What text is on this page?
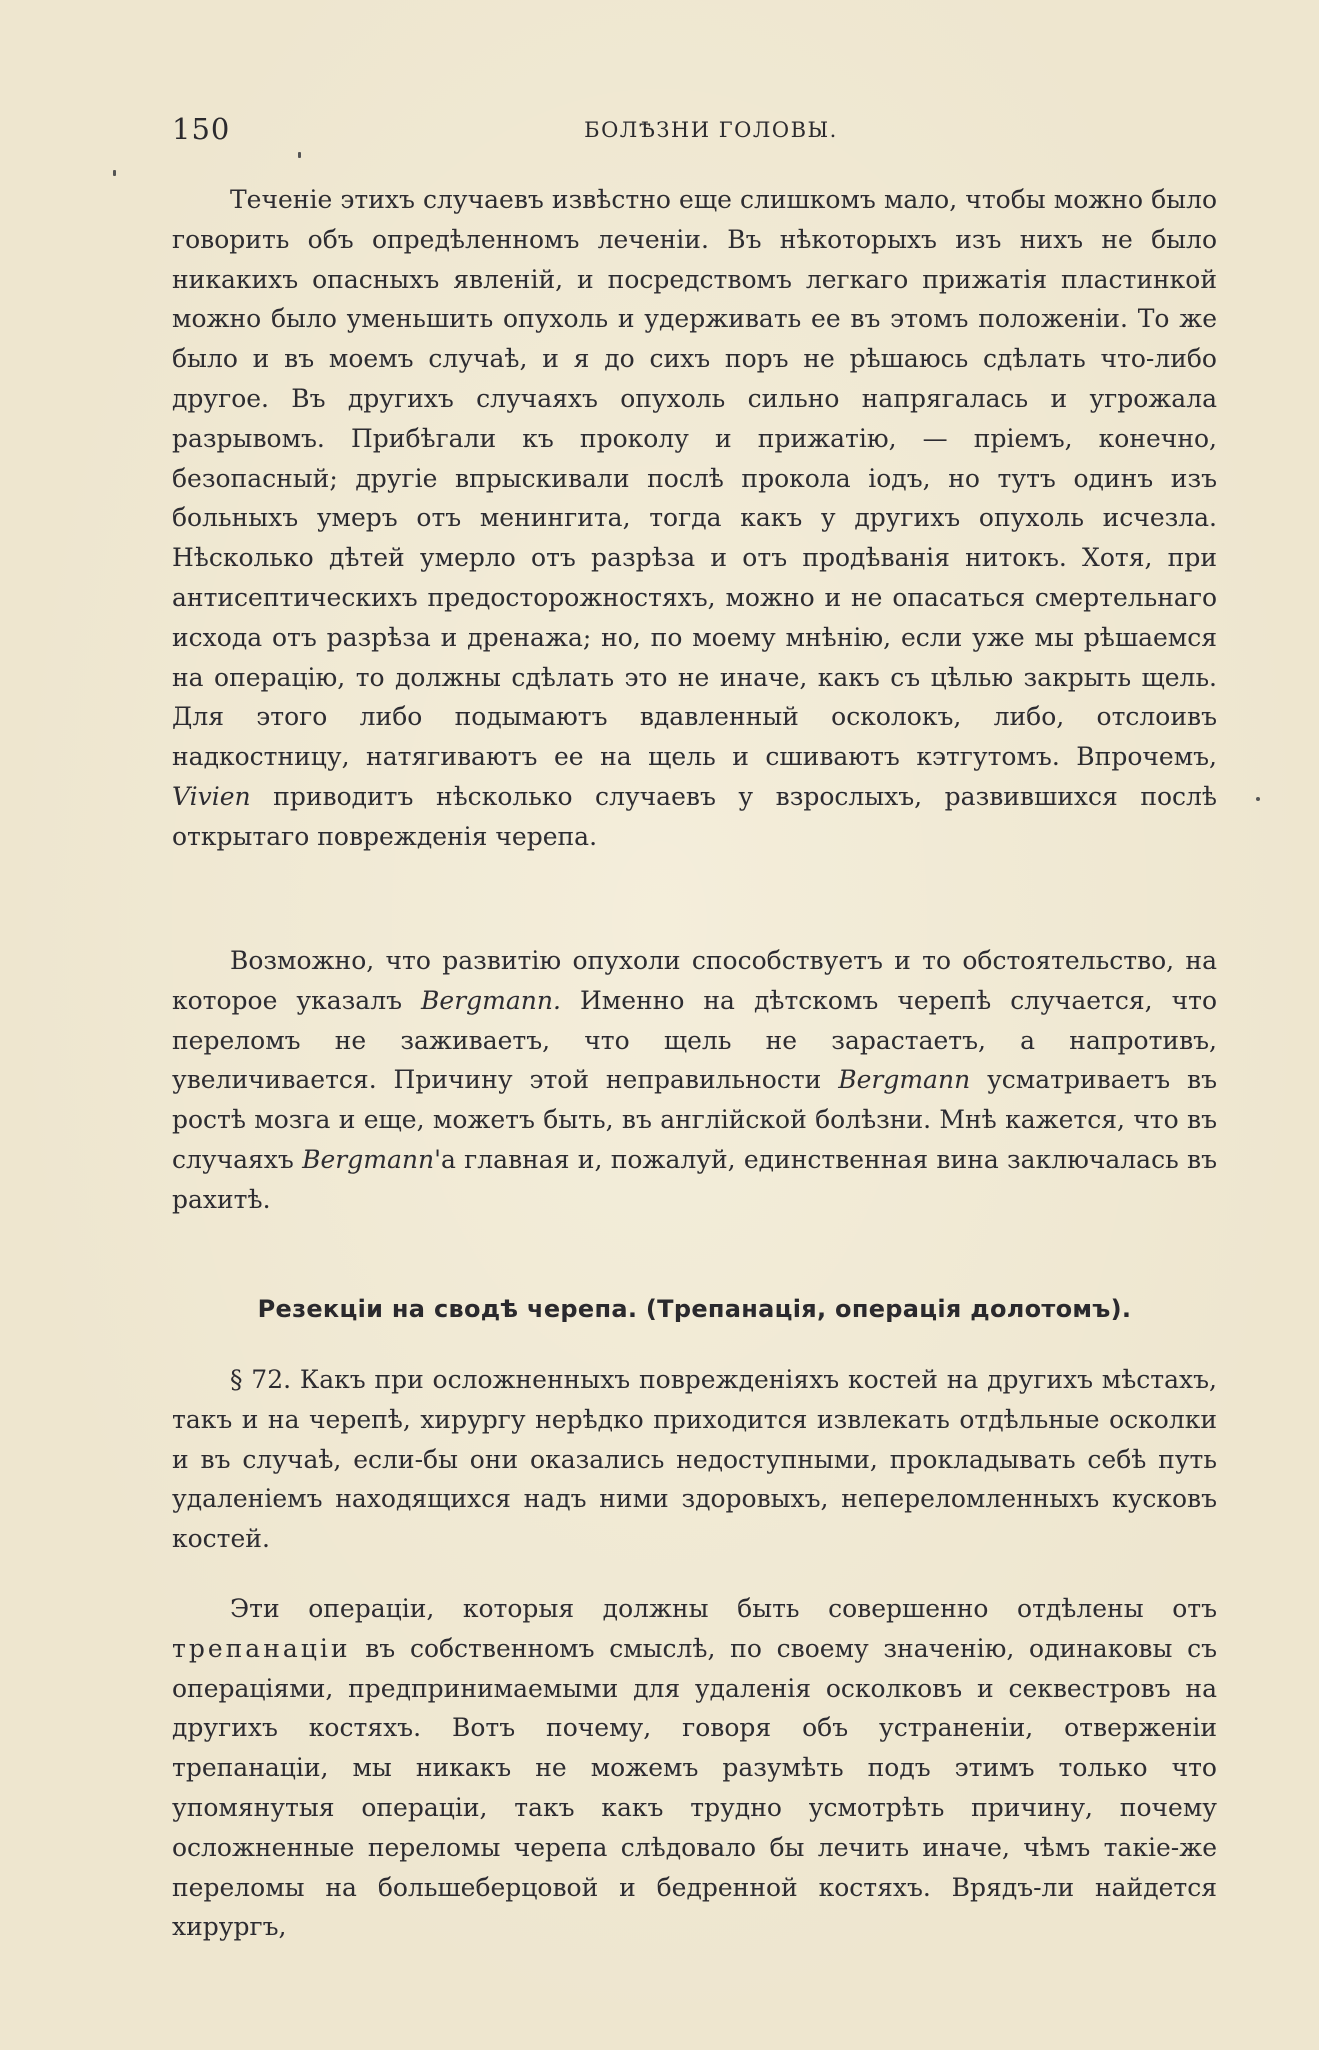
150	БОЛѢЗНИ ГОЛОВЫ.

Теченіе этихъ случаевъ извѣстно еще слишкомъ мало, чтобы можно было говорить объ опредѣленномъ леченіи. Въ нѣкоторыхъ изъ нихъ не было никакихъ опасныхъ явленій, и посредствомъ легкаго прижатія пластинкой можно было уменьшить опухоль и удерживать ее въ этомъ положеніи. То же было и въ моемъ случаѣ, и я до сихъ поръ не рѣшаюсь сдѣлать что-либо другое. Въ другихъ случаяхъ опухоль сильно напрягалась и угрожала разрывомъ. Прибѣгали къ проколу и прижатію, — пріемъ, конечно, безопасный; другіе впрыскивали послѣ прокола іодъ, но тутъ одинъ изъ больныхъ умеръ отъ менингита, тогда какъ у другихъ опухоль исчезла. Нѣсколько дѣтей умерло отъ разрѣза и отъ продѣванія нитокъ. Хотя, при антисептическихъ предосторожностяхъ, можно и не опасаться смертельнаго исхода отъ разрѣза и дренажа; но, по моему мнѣнію, если уже мы рѣшаемся на операцію, то должны сдѣлать это не иначе, какъ съ цѣлью закрыть щель. Для этого либо подымаютъ вдавленный осколокъ, либо, отслоивъ надкостницу, натягиваютъ ее на щель и сшиваютъ кэтгутомъ. Впрочемъ, Vivien приводитъ нѣсколько случаевъ у взрослыхъ, развившихся послѣ открытаго поврежденія черепа.

Возможно, что развитію опухоли способствуетъ и то обстоятельство, на которое указалъ Bergmann. Именно на дѣтскомъ черепѣ случается, что переломъ не заживаетъ, что щель не зарастаетъ, а напротивъ, увеличивается. Причину этой неправильности Bergmann усматриваетъ въ ростѣ мозга и еще, можетъ быть, въ англійской болѣзни. Мнѣ кажется, что въ случаяхъ Bergmann'а главная и, пожалуй, единственная вина заключалась въ рахитѣ.

Резекціи на сводѣ черепа. (Трепанація, операція долотомъ).

§ 72. Какъ при осложненныхъ поврежденіяхъ костей на другихъ мѣстахъ, такъ и на черепѣ, хирургу нерѣдко приходится извлекать отдѣльные осколки и въ случаѣ, если-бы они оказались недоступными, прокладывать себѣ путь удаленіемъ находящихся надъ ними здоровыхъ, непереломленныхъ кусковъ костей.

Эти операціи, которыя должны быть совершенно отдѣлены отъ трепанаціи въ собственномъ смыслѣ, по своему значенію, одинаковы съ операціями, предпринимаемыми для удаленія осколковъ и секвестровъ на другихъ костяхъ. Вотъ почему, говоря объ устраненіи, отверженіи трепанаціи, мы никакъ не можемъ разумѣть подъ этимъ только что упомянутыя операціи, такъ какъ трудно усмотрѣть причину, почему осложненные переломы черепа слѣдовало бы лечить иначе, чѣмъ такіе-же переломы на большеберцовой и бедренной костяхъ. Врядъ-ли найдется хирургъ,
